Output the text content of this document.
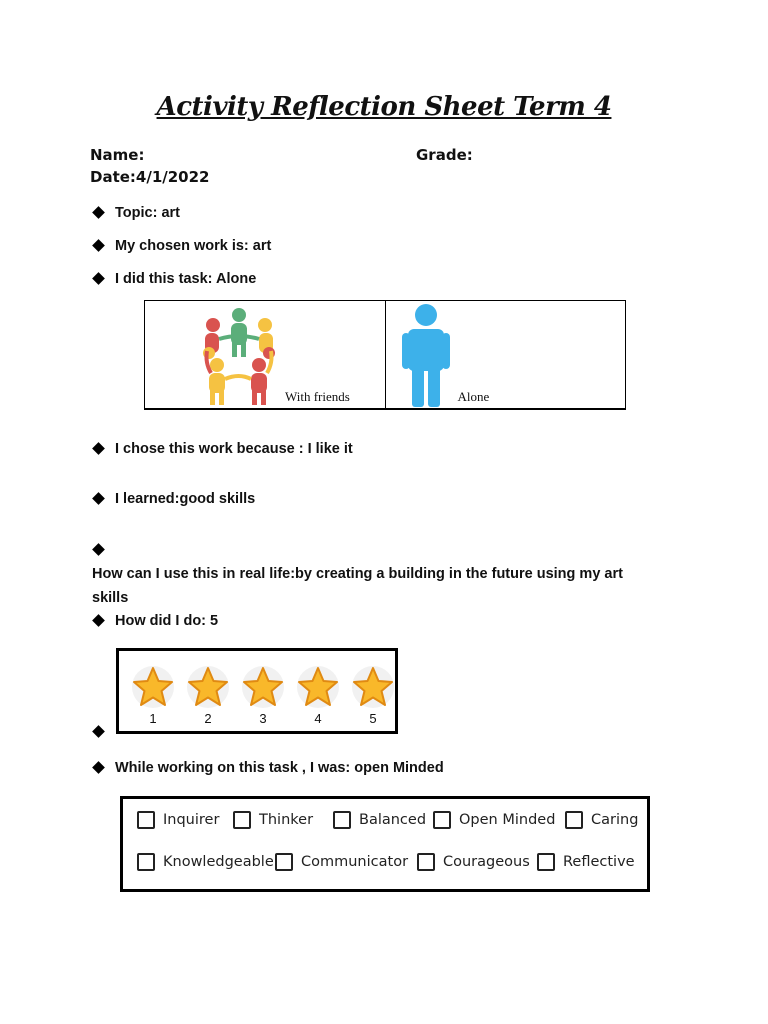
Activity Reflection Sheet Term 4
Name:	Grade:
Date:4/1/2022
Topic: art
My chosen work is: art
I did this task: Alone
With friends	Alone
I chose this work because : I like it
I learned:good skills
How can I use this in real life:by creating a building in the future using my art skills
How did I do: 5
1	2	3	4	5
While working on this task , I was: open Minded
Inquirer	Thinker	Balanced Open Minded Caring
Knowledgeable Communicator Courageous Reflective
